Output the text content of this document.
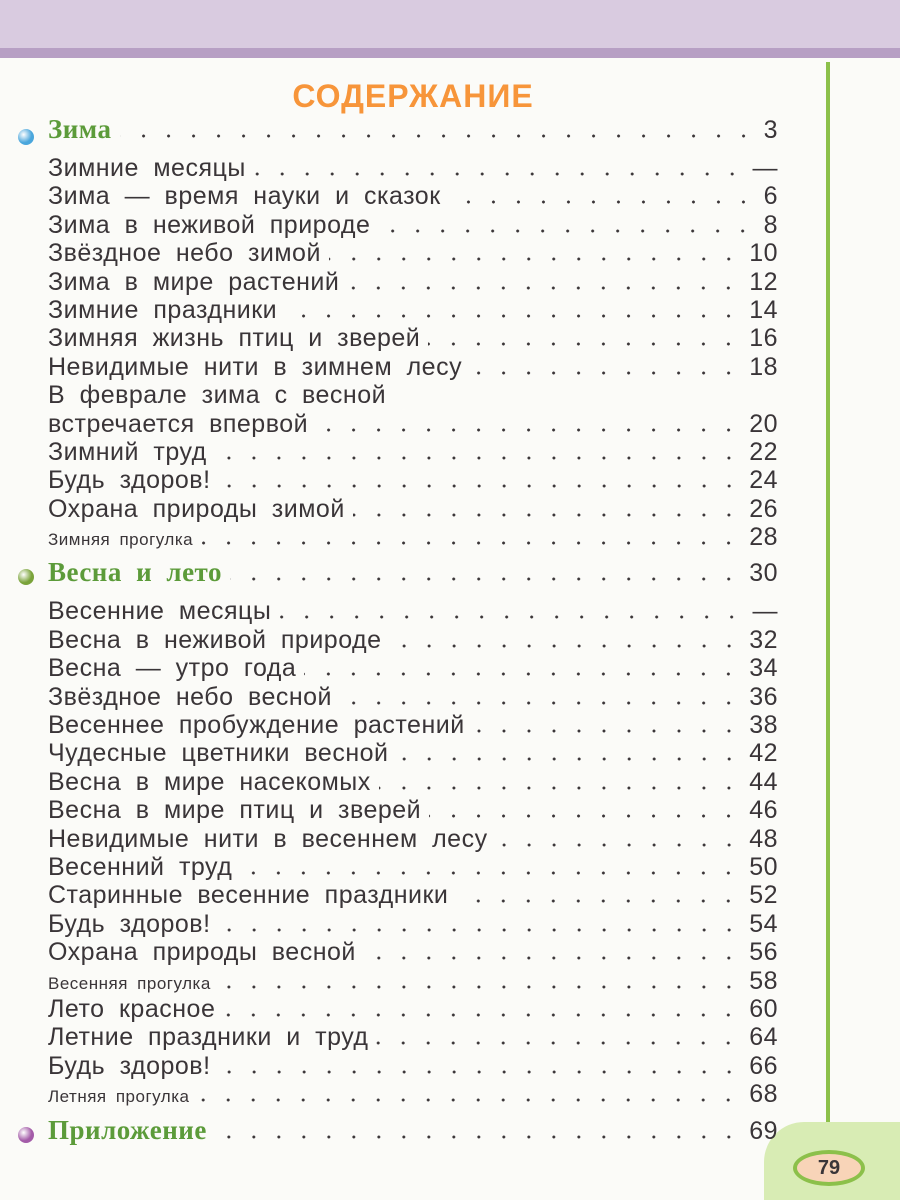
79
СОДЕРЖАНИЕ
Зима	3
Зимние месяцы	—
Зима — время науки и сказок	6
Зима в неживой природе	8
Звёздное небо зимой	10
Зима в мире растений	12
Зимние праздники	14
Зимняя жизнь птиц и зверей	16
Невидимые нити в зимнем лесу	18
В феврале зима с весной
встречается впервой	20
Зимний труд	22
Будь здоров!	24
Охрана природы зимой	26
Зимняя прогулка	28
Весна и лето	30
Весенние месяцы	—
Весна в неживой природе	32
Весна — утро года	34
Звёздное небо весной	36
Весеннее пробуждение растений	38
Чудесные цветники весной	42
Весна в мире насекомых	44
Весна в мире птиц и зверей	46
Невидимые нити в весеннем лесу	48
Весенний труд	50
Старинные весенние праздники	52
Будь здоров!	54
Охрана природы весной	56
Весенняя прогулка	58
Лето красное	60
Летние праздники и труд	64
Будь здоров!	66
Летняя прогулка	68
Приложение	69
